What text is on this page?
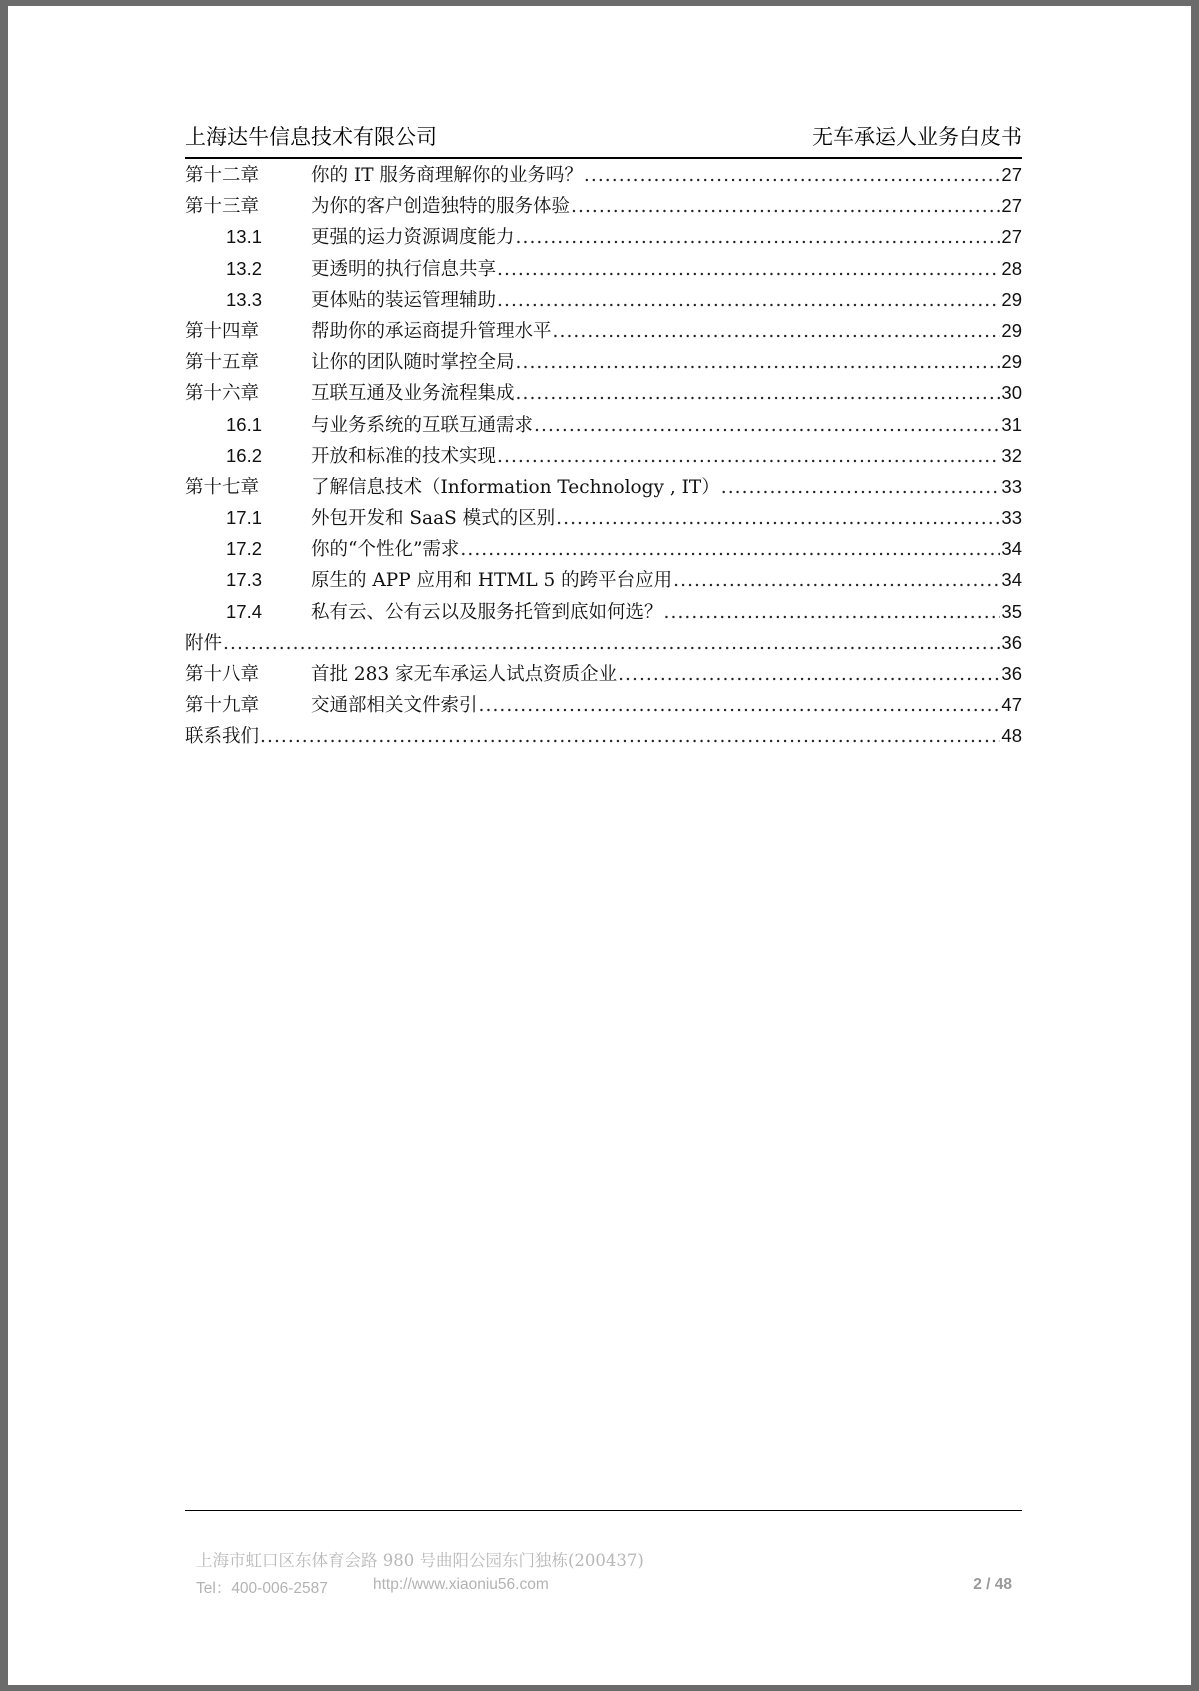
上海达牛信息技术有限公司	无车承运人业务白皮书
第十二章	你的 IT 服务商理解你的业务吗？ . . .	27
第十三章	为你的客户创造独特的服务体验 . . .	27
13.1	更强的运力资源调度能力 . . .	27
13.2	更透明的执行信息共享 . . .	28
13.3	更体贴的装运管理辅助 . . .	29
第十四章	帮助你的承运商提升管理水平 . . .	29
第十五章	让你的团队随时掌控全局 . . .	29
第十六章	互联互通及业务流程集成 . . .	30
16.1	与业务系统的互联互通需求 . . .	31
16.2	开放和标准的技术实现 . . .	32
第十七章	了解信息技术（Information Technology , IT） . . .	33
17.1	外包开发和 SaaS 模式的区别 . . .	33
17.2	你的“个性化”需求 . . .	34
17.3	原生的 APP 应用和 HTML 5 的跨平台应用 . . .	34
17.4	私有云、公有云以及服务托管到底如何选？ . . .	35
附件 . . .	36
第十八章	首批 283 家无车承运人试点资质企业 . . .	36
第十九章	交通部相关文件索引 . . .	47
联系我们 . . .	48
上海市虹口区东体育会路 980 号曲阳公园东门独栋(200437)
Tel：400-006-2587	http://www.xiaoniu56.com	2 / 48
